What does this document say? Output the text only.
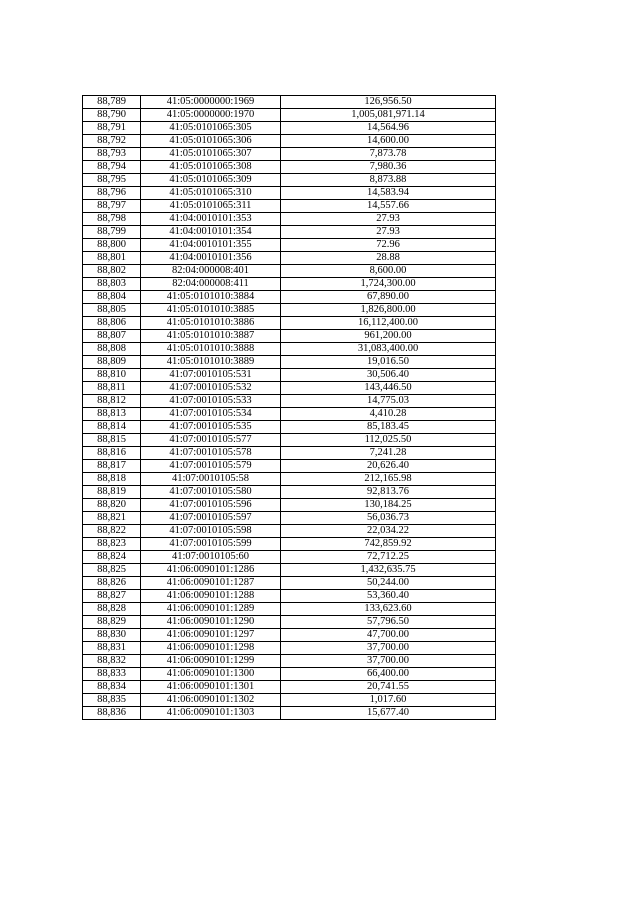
88,789	41:05:0000000:1969	126,956.50
88,790	41:05:0000000:1970	1,005,081,971.14
88,791	41:05:0101065:305	14,564.96
88,792	41:05:0101065:306	14,600.00
88,793	41:05:0101065:307	7,873.78
88,794	41:05:0101065:308	7,980.36
88,795	41:05:0101065:309	8,873.88
88,796	41:05:0101065:310	14,583.94
88,797	41:05:0101065:311	14,557.66
88,798	41:04:0010101:353	27.93
88,799	41:04:0010101:354	27.93
88,800	41:04:0010101:355	72.96
88,801	41:04:0010101:356	28.88
88,802	82:04:000008:401	8,600.00
88,803	82:04:000008:411	1,724,300.00
88,804	41:05:0101010:3884	67,890.00
88,805	41:05:0101010:3885	1,826,800.00
88,806	41:05:0101010:3886	16,112,400.00
88,807	41:05:0101010:3887	961,200.00
88,808	41:05:0101010:3888	31,083,400.00
88,809	41:05:0101010:3889	19,016.50
88,810	41:07:0010105:531	30,506.40
88,811	41:07:0010105:532	143,446.50
88,812	41:07:0010105:533	14,775.03
88,813	41:07:0010105:534	4,410.28
88,814	41:07:0010105:535	85,183.45
88,815	41:07:0010105:577	112,025.50
88,816	41:07:0010105:578	7,241.28
88,817	41:07:0010105:579	20,626.40
88,818	41:07:0010105:58	212,165.98
88,819	41:07:0010105:580	92,813.76
88,820	41:07:0010105:596	130,184.25
88,821	41:07:0010105:597	56,036.73
88,822	41:07:0010105:598	22,034.22
88,823	41:07:0010105:599	742,859.92
88,824	41:07:0010105:60	72,712.25
88,825	41:06:0090101:1286	1,432,635.75
88,826	41:06:0090101:1287	50,244.00
88,827	41:06:0090101:1288	53,360.40
88,828	41:06:0090101:1289	133,623.60
88,829	41:06:0090101:1290	57,796.50
88,830	41:06:0090101:1297	47,700.00
88,831	41:06:0090101:1298	37,700.00
88,832	41:06:0090101:1299	37,700.00
88,833	41:06:0090101:1300	66,400.00
88,834	41:06:0090101:1301	20,741.55
88,835	41:06:0090101:1302	1,017.60
88,836	41:06:0090101:1303	15,677.40
